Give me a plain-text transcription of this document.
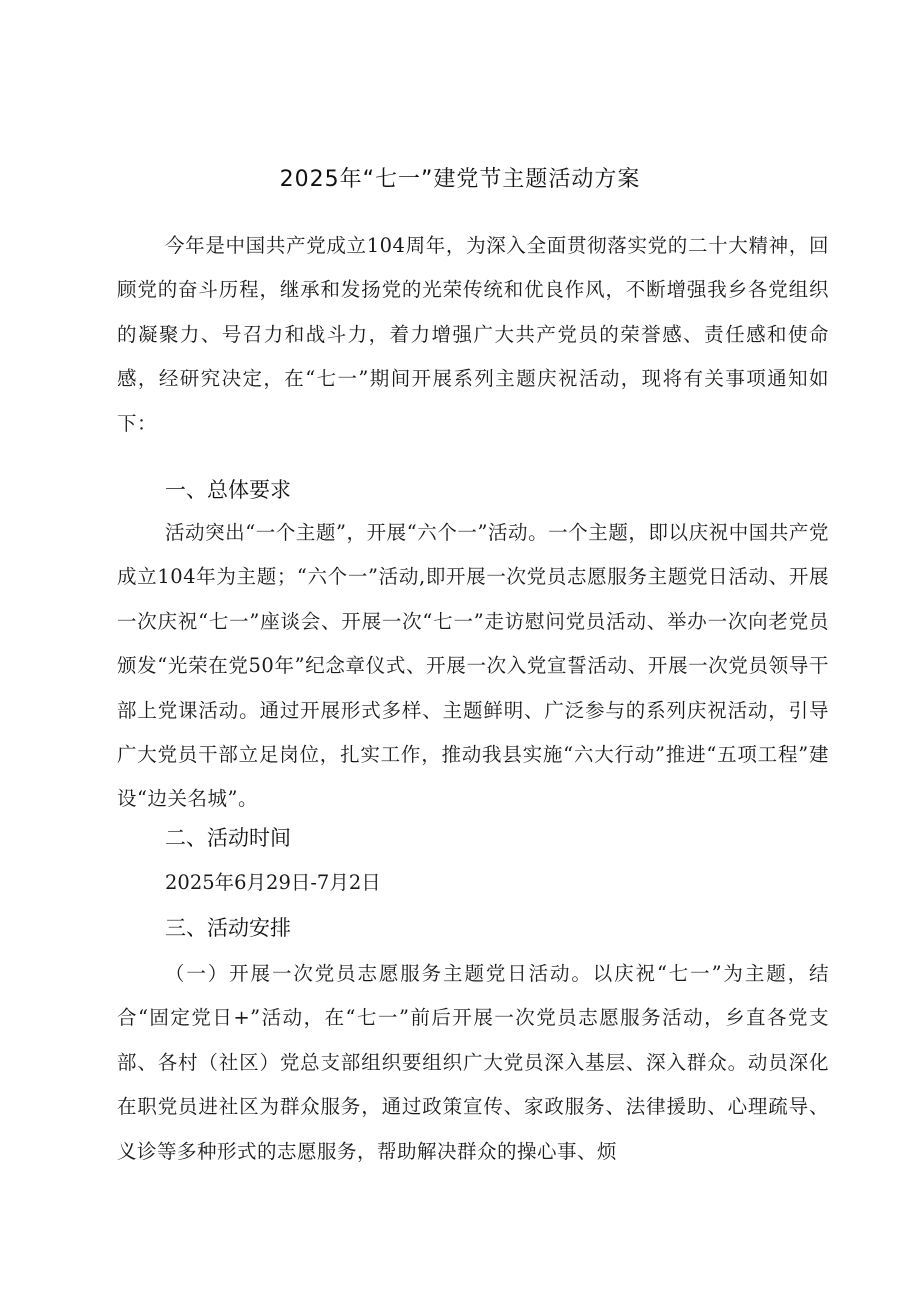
2025年“七一”建党节主题活动方案
今年是中国共产党成立104周年，为深入全面贯彻落实党的二十大精神，回顾党的奋斗历程，继承和发扬党的光荣传统和优良作风，不断增强我乡各党组织的凝聚力、号召力和战斗力，着力增强广大共产党员的荣誉感、责任感和使命感，经研究决定，在“七一”期间开展系列主题庆祝活动，现将有关事项通知如下：
一、总体要求
活动突出“一个主题”，开展“六个一”活动。一个主题，即以庆祝中国共产党成立104年为主题；“六个一”活动,即开展一次党员志愿服务主题党日活动、开展一次庆祝“七一”座谈会、开展一次“七一”走访慰问党员活动、举办一次向老党员颁发“光荣在党50年”纪念章仪式、开展一次入党宣誓活动、开展一次党员领导干部上党课活动。通过开展形式多样、主题鲜明、广泛参与的系列庆祝活动，引导广大党员干部立足岗位，扎实工作，推动我县实施“六大行动”推进“五项工程”建设“边关名城”。
二、活动时间
2025年6月29日-7月2日
三、活动安排
（一）开展一次党员志愿服务主题党日活动。以庆祝“七一”为主题，结合“固定党日+”活动，在“七一”前后开展一次党员志愿服务活动，乡直各党支部、各村（社区）党总支部组织要组织广大党员深入基层、深入群众。动员深化在职党员进社区为群众服务，通过政策宣传、家政服务、法律援助、心理疏导、义诊等多种形式的志愿服务，帮助解决群众的操心事、烦
